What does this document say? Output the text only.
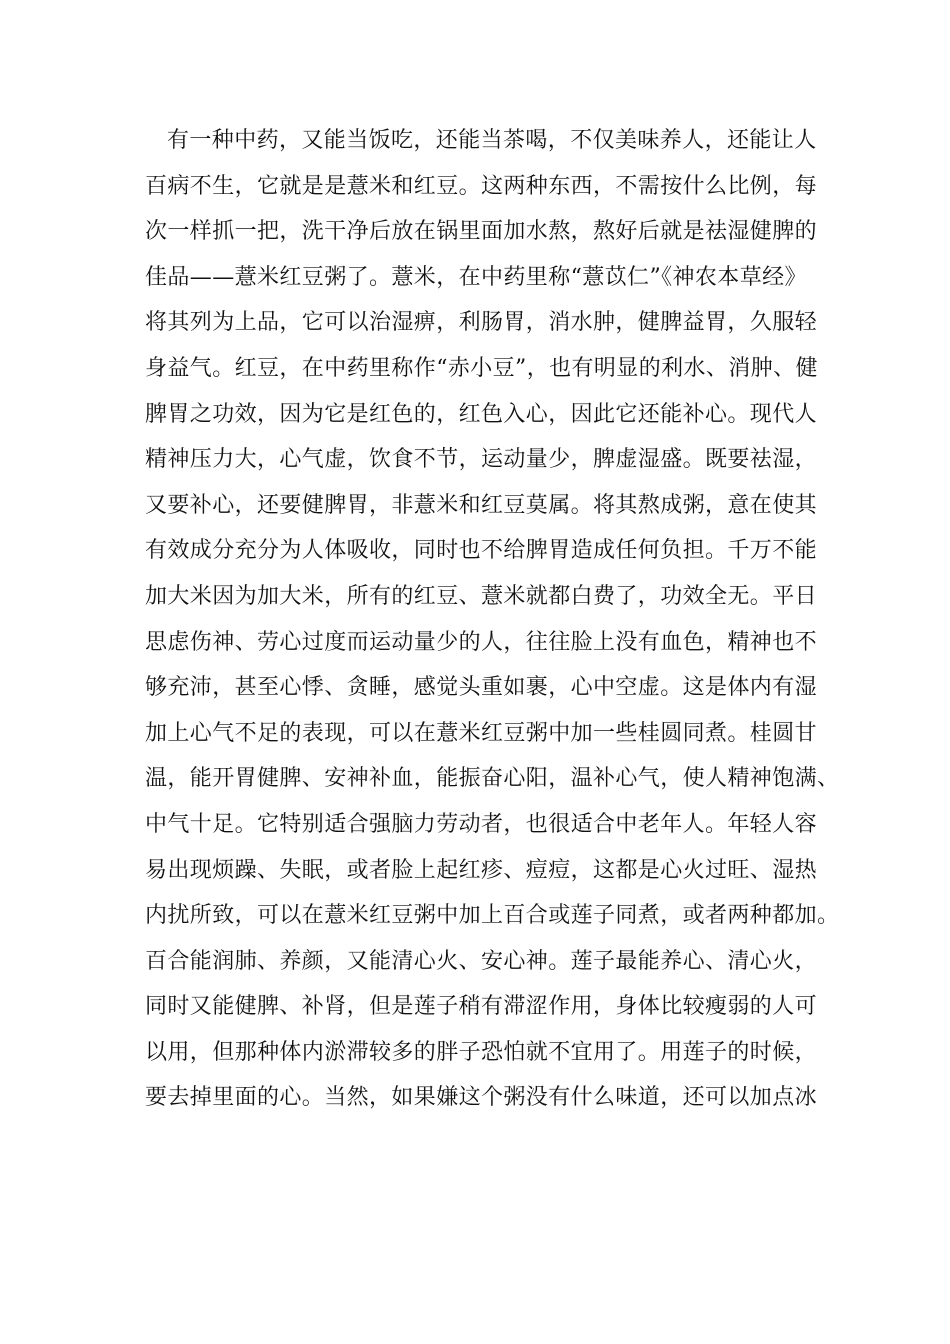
有一种中药，又能当饭吃，还能当茶喝，不仅美味养人，还能让人
百病不生，它就是是薏米和红豆。这两种东西，不需按什么比例，每
次一样抓一把，洗干净后放在锅里面加水熬，熬好后就是祛湿健脾的
佳品——薏米红豆粥了。薏米，在中药里称“薏苡仁”《神农本草经》
将其列为上品，它可以治湿痹，利肠胃，消水肿，健脾益胃，久服轻
身益气。红豆，在中药里称作“赤小豆”，也有明显的利水、消肿、健
脾胃之功效，因为它是红色的，红色入心，因此它还能补心。现代人
精神压力大，心气虚，饮食不节，运动量少，脾虚湿盛。既要祛湿，
又要补心，还要健脾胃，非薏米和红豆莫属。将其熬成粥，意在使其
有效成分充分为人体吸收，同时也不给脾胃造成任何负担。千万不能
加大米因为加大米，所有的红豆、薏米就都白费了，功效全无。平日
思虑伤神、劳心过度而运动量少的人，往往脸上没有血色，精神也不
够充沛，甚至心悸、贪睡，感觉头重如裹，心中空虚。这是体内有湿
加上心气不足的表现，可以在薏米红豆粥中加一些桂圆同煮。桂圆甘
温，能开胃健脾、安神补血，能振奋心阳，温补心气，使人精神饱满、
中气十足。它特别适合强脑力劳动者，也很适合中老年人。年轻人容
易出现烦躁、失眠，或者脸上起红疹、痘痘，这都是心火过旺、湿热
内扰所致，可以在薏米红豆粥中加上百合或莲子同煮，或者两种都加。
百合能润肺、养颜，又能清心火、安心神。莲子最能养心、清心火，
同时又能健脾、补肾，但是莲子稍有滞涩作用，身体比较瘦弱的人可
以用，但那种体内淤滞较多的胖子恐怕就不宜用了。用莲子的时候，
要去掉里面的心。当然，如果嫌这个粥没有什么味道，还可以加点冰
